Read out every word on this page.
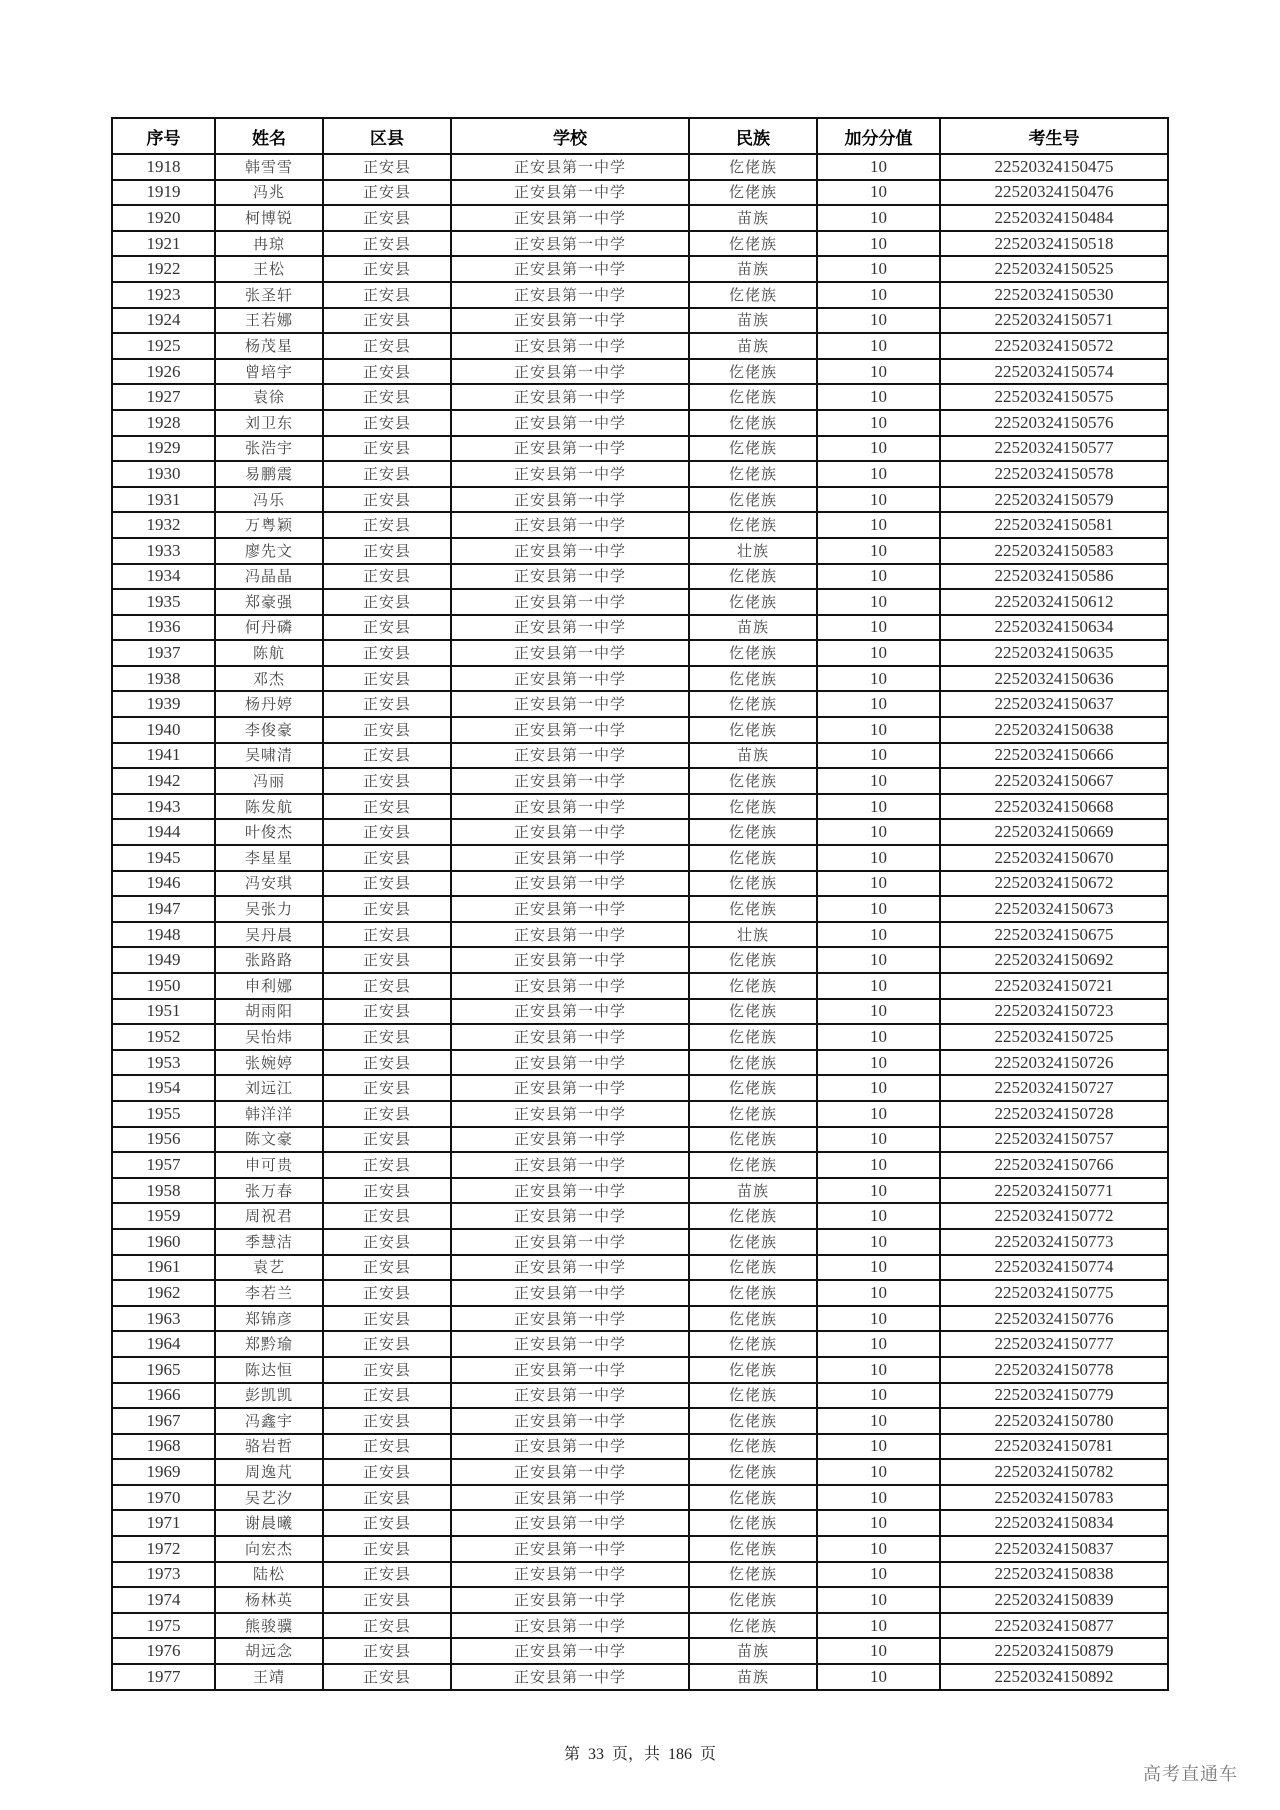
序号	姓名	区县	学校	民族	加分分值	考生号
1918	韩雪雪	正安县	正安县第一中学	仡佬族	10	22520324150475
1919	冯兆	正安县	正安县第一中学	仡佬族	10	22520324150476
1920	柯博锐	正安县	正安县第一中学	苗族	10	22520324150484
1921	冉琼	正安县	正安县第一中学	仡佬族	10	22520324150518
1922	王松	正安县	正安县第一中学	苗族	10	22520324150525
1923	张圣轩	正安县	正安县第一中学	仡佬族	10	22520324150530
1924	王若娜	正安县	正安县第一中学	苗族	10	22520324150571
1925	杨茂星	正安县	正安县第一中学	苗族	10	22520324150572
1926	曾培宇	正安县	正安县第一中学	仡佬族	10	22520324150574
1927	袁徐	正安县	正安县第一中学	仡佬族	10	22520324150575
1928	刘卫东	正安县	正安县第一中学	仡佬族	10	22520324150576
1929	张浩宇	正安县	正安县第一中学	仡佬族	10	22520324150577
1930	易鹏震	正安县	正安县第一中学	仡佬族	10	22520324150578
1931	冯乐	正安县	正安县第一中学	仡佬族	10	22520324150579
1932	万粤颖	正安县	正安县第一中学	仡佬族	10	22520324150581
1933	廖先文	正安县	正安县第一中学	壮族	10	22520324150583
1934	冯晶晶	正安县	正安县第一中学	仡佬族	10	22520324150586
1935	郑豪强	正安县	正安县第一中学	仡佬族	10	22520324150612
1936	何丹磷	正安县	正安县第一中学	苗族	10	22520324150634
1937	陈航	正安县	正安县第一中学	仡佬族	10	22520324150635
1938	邓杰	正安县	正安县第一中学	仡佬族	10	22520324150636
1939	杨丹婷	正安县	正安县第一中学	仡佬族	10	22520324150637
1940	李俊豪	正安县	正安县第一中学	仡佬族	10	22520324150638
1941	吴啸清	正安县	正安县第一中学	苗族	10	22520324150666
1942	冯丽	正安县	正安县第一中学	仡佬族	10	22520324150667
1943	陈发航	正安县	正安县第一中学	仡佬族	10	22520324150668
1944	叶俊杰	正安县	正安县第一中学	仡佬族	10	22520324150669
1945	李星星	正安县	正安县第一中学	仡佬族	10	22520324150670
1946	冯安琪	正安县	正安县第一中学	仡佬族	10	22520324150672
1947	吴张力	正安县	正安县第一中学	仡佬族	10	22520324150673
1948	吴丹晨	正安县	正安县第一中学	壮族	10	22520324150675
1949	张路路	正安县	正安县第一中学	仡佬族	10	22520324150692
1950	申利娜	正安县	正安县第一中学	仡佬族	10	22520324150721
1951	胡雨阳	正安县	正安县第一中学	仡佬族	10	22520324150723
1952	吴怡炜	正安县	正安县第一中学	仡佬族	10	22520324150725
1953	张婉婷	正安县	正安县第一中学	仡佬族	10	22520324150726
1954	刘远江	正安县	正安县第一中学	仡佬族	10	22520324150727
1955	韩洋洋	正安县	正安县第一中学	仡佬族	10	22520324150728
1956	陈文豪	正安县	正安县第一中学	仡佬族	10	22520324150757
1957	申可贵	正安县	正安县第一中学	仡佬族	10	22520324150766
1958	张万春	正安县	正安县第一中学	苗族	10	22520324150771
1959	周祝君	正安县	正安县第一中学	仡佬族	10	22520324150772
1960	季慧洁	正安县	正安县第一中学	仡佬族	10	22520324150773
1961	袁艺	正安县	正安县第一中学	仡佬族	10	22520324150774
1962	李若兰	正安县	正安县第一中学	仡佬族	10	22520324150775
1963	郑锦彦	正安县	正安县第一中学	仡佬族	10	22520324150776
1964	郑黔瑜	正安县	正安县第一中学	仡佬族	10	22520324150777
1965	陈达恒	正安县	正安县第一中学	仡佬族	10	22520324150778
1966	彭凯凯	正安县	正安县第一中学	仡佬族	10	22520324150779
1967	冯鑫宇	正安县	正安县第一中学	仡佬族	10	22520324150780
1968	骆岩哲	正安县	正安县第一中学	仡佬族	10	22520324150781
1969	周逸芃	正安县	正安县第一中学	仡佬族	10	22520324150782
1970	吴艺汐	正安县	正安县第一中学	仡佬族	10	22520324150783
1971	谢晨曦	正安县	正安县第一中学	仡佬族	10	22520324150834
1972	向宏杰	正安县	正安县第一中学	仡佬族	10	22520324150837
1973	陆松	正安县	正安县第一中学	仡佬族	10	22520324150838
1974	杨林英	正安县	正安县第一中学	仡佬族	10	22520324150839
1975	熊骏骥	正安县	正安县第一中学	仡佬族	10	22520324150877
1976	胡远念	正安县	正安县第一中学	苗族	10	22520324150879
1977	王靖	正安县	正安县第一中学	苗族	10	22520324150892
第 33 页，共 186 页
高考直通车
